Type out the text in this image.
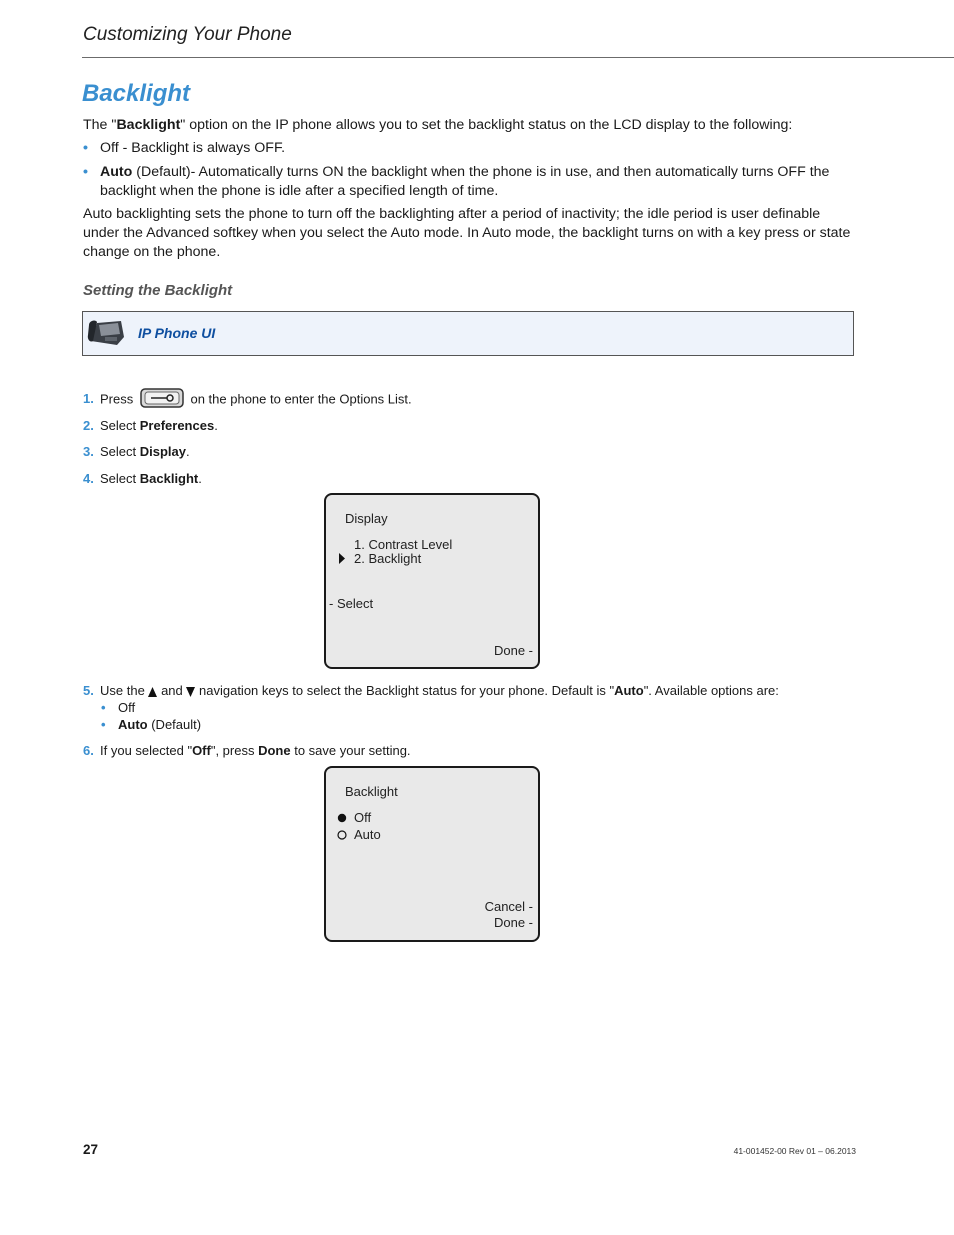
Customizing Your Phone
Backlight
The "Backlight" option on the IP phone allows you to set the backlight status on the LCD display to the following:
• Off - Backlight is always OFF.
• Auto (Default)- Automatically turns ON the backlight when the phone is in use, and then automatically turns OFF the backlight when the phone is idle after a specified length of time.
Auto backlighting sets the phone to turn off the backlighting after a period of inactivity; the idle period is user definable under the Advanced softkey when you select the Auto mode. In Auto mode, the backlight turns on with a key press or state change on the phone.
Setting the Backlight
IP Phone UI
1. Press	on the phone to enter the Options List.
2. Select Preferences.
3. Select Display.
4. Select Backlight.
Display
1. Contrast Level
2. Backlight
- Select
Done -
5. Use the and navigation keys to select the Backlight status for your phone. Default is "Auto". Available options are:
• Off
• Auto (Default)
6. If you selected "Off", press Done to save your setting.
Backlight
Off
Auto
Cancel -
Done -
27	41-001452-00 Rev 01 – 06.2013
